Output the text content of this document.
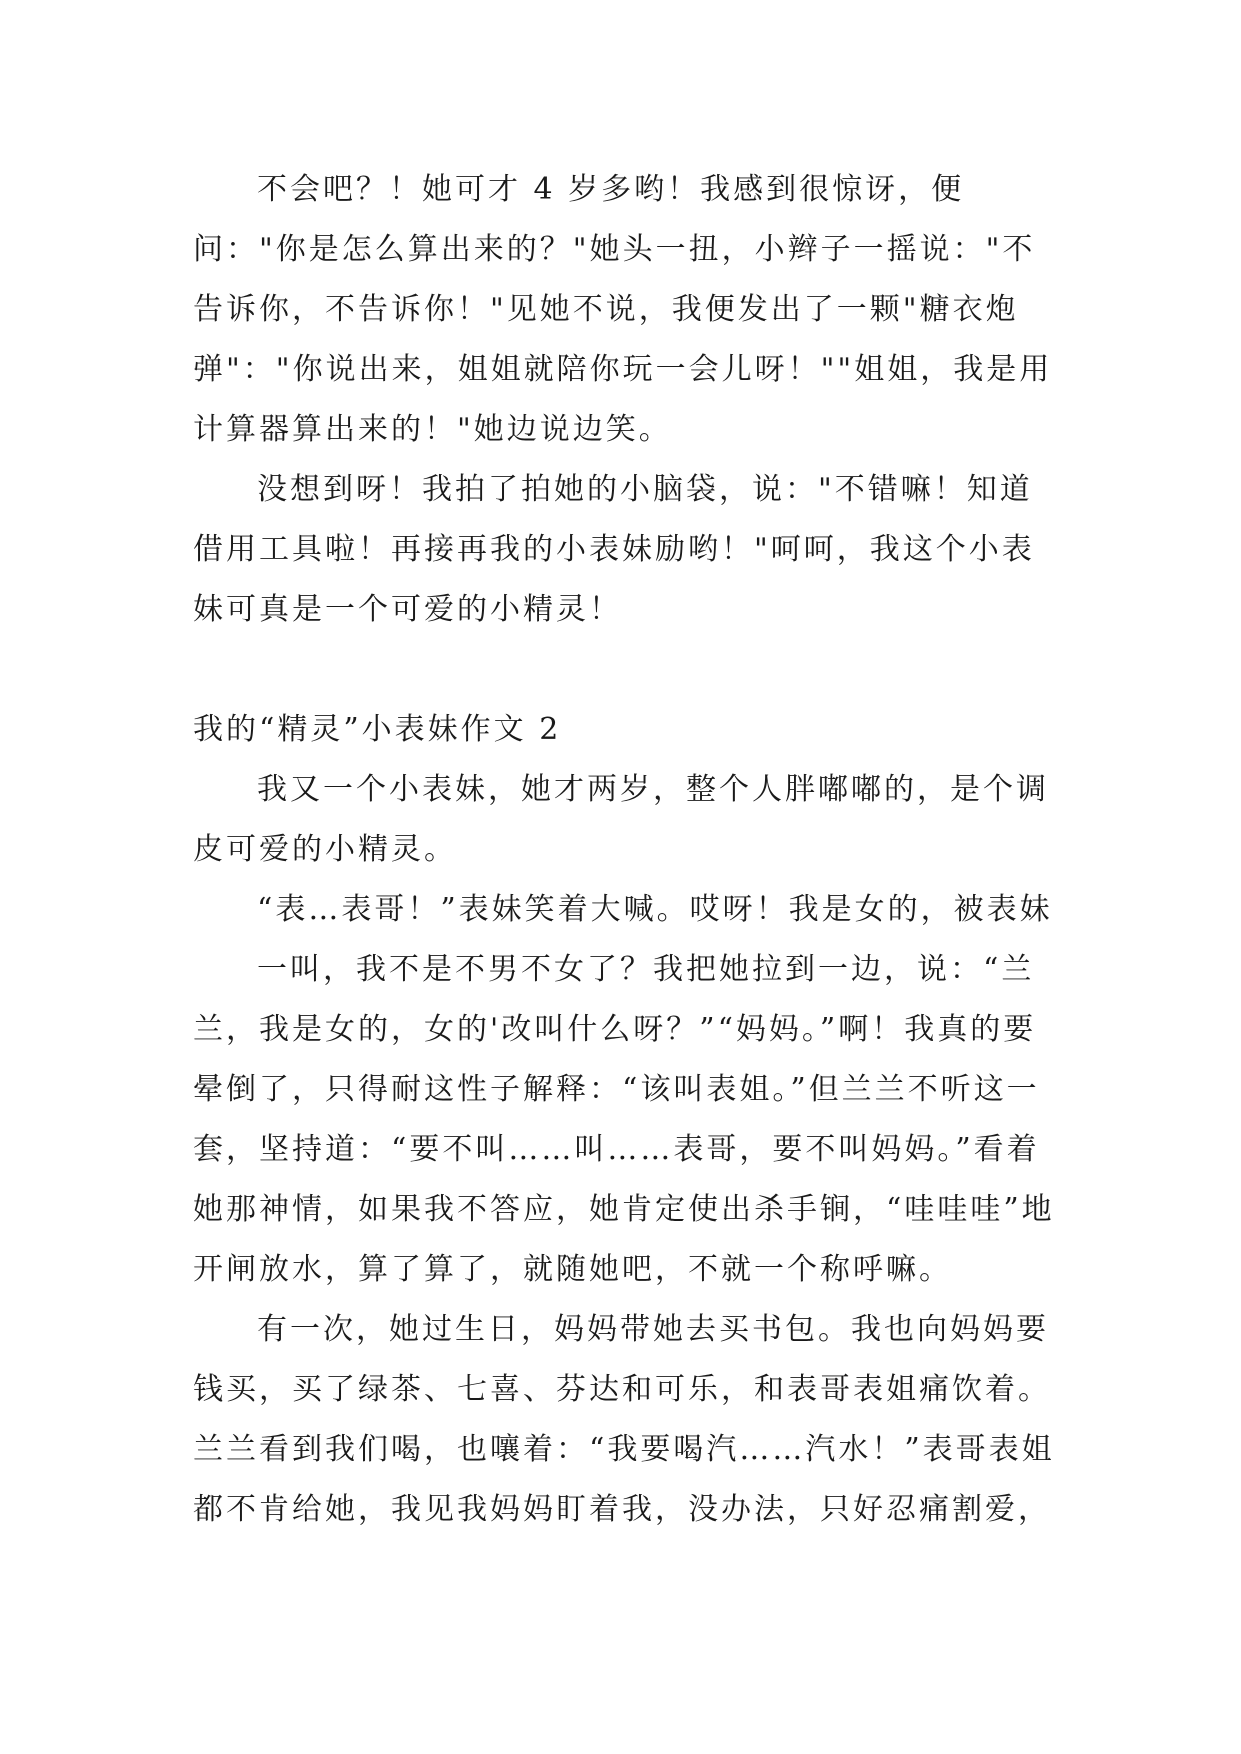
不会吧？！她可才 4 岁多哟！我感到很惊讶，便问："你是怎么算出来的？"她头一扭，小辫子一摇说："不告诉你，不告诉你！"见她不说，我便发出了一颗"糖衣炮弹"："你说出来，姐姐就陪你玩一会儿呀！""姐姐，我是用计算器算出来的！"她边说边笑。

没想到呀！我拍了拍她的小脑袋，说："不错嘛！知道借用工具啦！再接再我的小表妹励哟！"呵呵，我这个小表妹可真是一个可爱的小精灵！

我的“精灵”小表妹作文 2

我又一个小表妹，她才两岁，整个人胖嘟嘟的，是个调皮可爱的小精灵。

“表…表哥！”表妹笑着大喊。哎呀！我是女的，被表妹

一叫，我不是不男不女了？我把她拉到一边，说：“兰兰，我是女的，女的'改叫什么呀？”“妈妈。”啊！我真的要晕倒了，只得耐这性子解释：“该叫表姐。”但兰兰不听这一套，坚持道：“要不叫……叫……表哥，要不叫妈妈。”看着她那神情，如果我不答应，她肯定使出杀手锏，“哇哇哇”地开闸放水，算了算了，就随她吧，不就一个称呼嘛。

有一次，她过生日，妈妈带她去买书包。我也向妈妈要钱买，买了绿茶、七喜、芬达和可乐，和表哥表姐痛饮着。兰兰看到我们喝，也嚷着：“我要喝汽……汽水！”表哥表姐都不肯给她，我见我妈妈盯着我，没办法，只好忍痛割爱，
